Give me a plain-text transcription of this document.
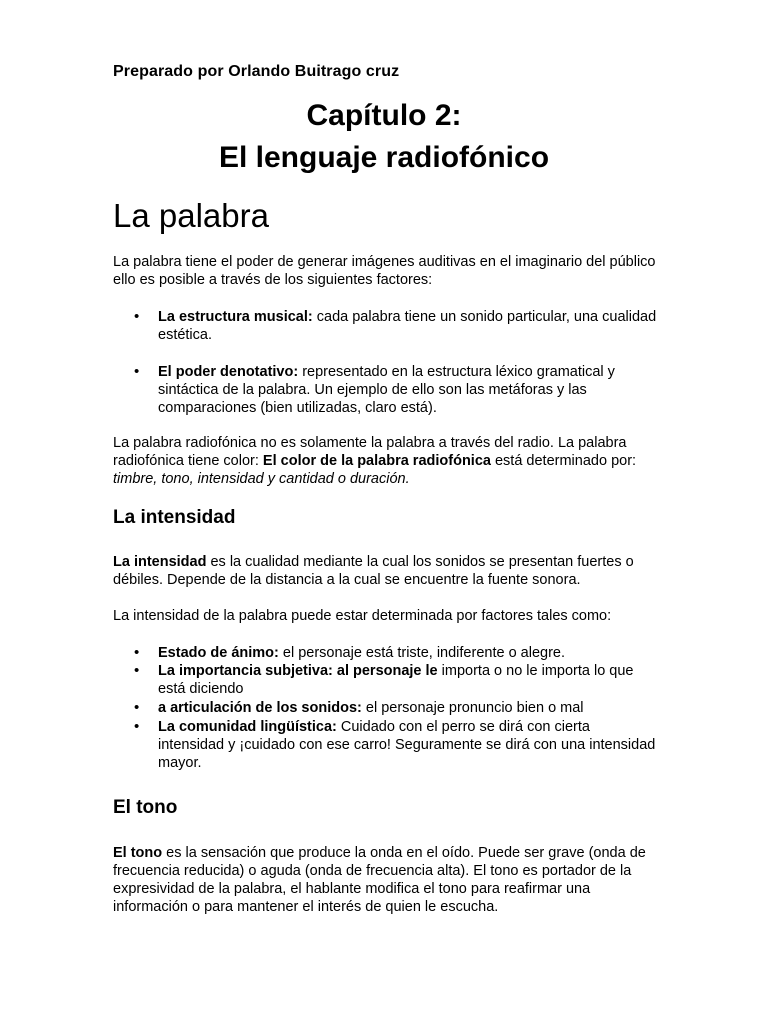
Preparado por Orlando Buitrago cruz
Capítulo 2:
El lenguaje radiofónico
La palabra
La palabra tiene el poder de generar imágenes auditivas en el imaginario del público ello es posible a través de los siguientes factores:
• La estructura musical: cada palabra tiene un sonido particular, una cualidad estética.
• El poder denotativo: representado en la estructura léxico gramatical y sintáctica de la palabra. Un ejemplo de ello son las metáforas y las comparaciones (bien utilizadas, claro está).
La palabra radiofónica no es solamente la palabra a través del radio. La palabra radiofónica tiene color: El color de la palabra radiofónica está determinado por: timbre, tono, intensidad y cantidad o duración.
La intensidad
La intensidad es la cualidad mediante la cual los sonidos se presentan fuertes o débiles. Depende de la distancia a la cual se encuentre la fuente sonora.
La intensidad de la palabra puede estar determinada por factores tales como:
• Estado de ánimo: el personaje está triste, indiferente o alegre.
• La importancia subjetiva: al personaje le importa o no le importa lo que está diciendo
• a articulación de los sonidos: el personaje pronuncio bien o mal
• La comunidad lingüística: Cuidado con el perro se dirá con cierta intensidad y ¡cuidado con ese carro! Seguramente se dirá con una intensidad mayor.
El tono
El tono es la sensación que produce la onda en el oído. Puede ser grave (onda de frecuencia reducida) o aguda (onda de frecuencia alta). El tono es portador de la expresividad de la palabra, el hablante modifica el tono para reafirmar una información o para mantener el interés de quien le escucha.
